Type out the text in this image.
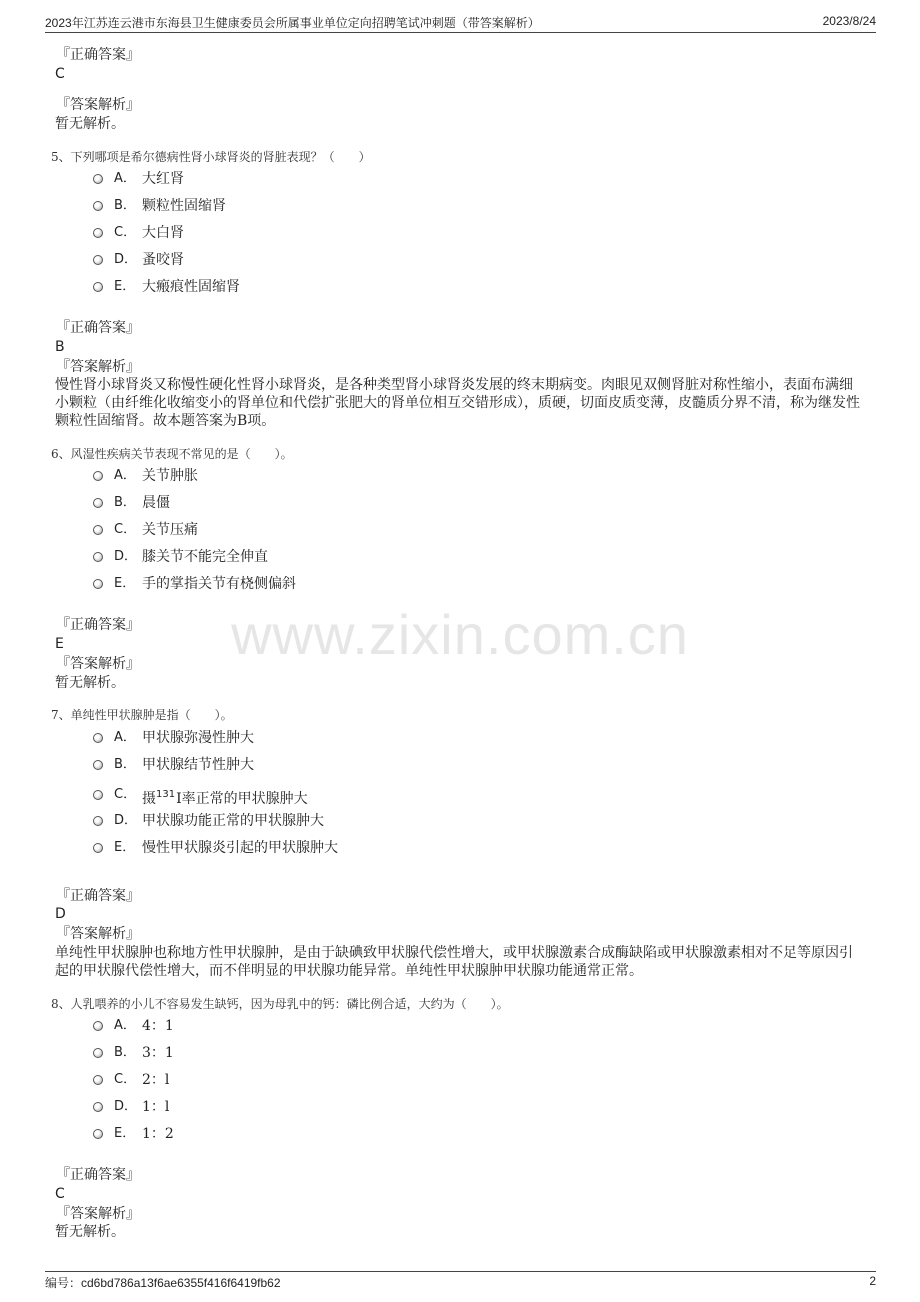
2023年江苏连云港市东海县卫生健康委员会所属事业单位定向招聘笔试冲刺题（带答案解析）	2023/8/24
www.zixin.com.cn
『正确答案』
C
『答案解析』
暂无解析。
5、下列哪项是希尔德病性肾小球肾炎的肾脏表现？（　　）
A． 大红肾
B． 颗粒性固缩肾
C． 大白肾
D． 蚤咬肾
E． 大瘢痕性固缩肾
『正确答案』
B
『答案解析』
慢性肾小球肾炎又称慢性硬化性肾小球肾炎，是各种类型肾小球肾炎发展的终末期病变。肉眼见双侧肾脏对称性缩小，表面布满细小颗粒（由纤维化收缩变小的肾单位和代偿扩张肥大的肾单位相互交错形成），质硬，切面皮质变薄，皮髓质分界不清，称为继发性颗粒性固缩肾。故本题答案为B项。
6、风湿性疾病关节表现不常见的是（　　）。
A． 关节肿胀
B． 晨僵
C． 关节压痛
D． 膝关节不能完全伸直
E． 手的掌指关节有桡侧偏斜
『正确答案』
E
『答案解析』
暂无解析。
7、单纯性甲状腺肿是指（　　）。
A． 甲状腺弥漫性肿大
B． 甲状腺结节性肿大
C． 摄$^{131}$I率正常的甲状腺肿大
D． 甲状腺功能正常的甲状腺肿大
E． 慢性甲状腺炎引起的甲状腺肿大
『正确答案』
D
『答案解析』
单纯性甲状腺肿也称地方性甲状腺肿，是由于缺碘致甲状腺代偿性增大，或甲状腺激素合成酶缺陷或甲状腺激素相对不足等原因引起的甲状腺代偿性增大，而不伴明显的甲状腺功能异常。单纯性甲状腺肿甲状腺功能通常正常。
8、人乳喂养的小儿不容易发生缺钙，因为母乳中的钙：磷比例合适，大约为（　　）。
A． 4：1
B． 3：1
C． 2：l
D． 1：l
E． 1：2
『正确答案』
C
『答案解析』
暂无解析。
编号：cd6bd786a13f6ae6355f416f6419fb62	2
